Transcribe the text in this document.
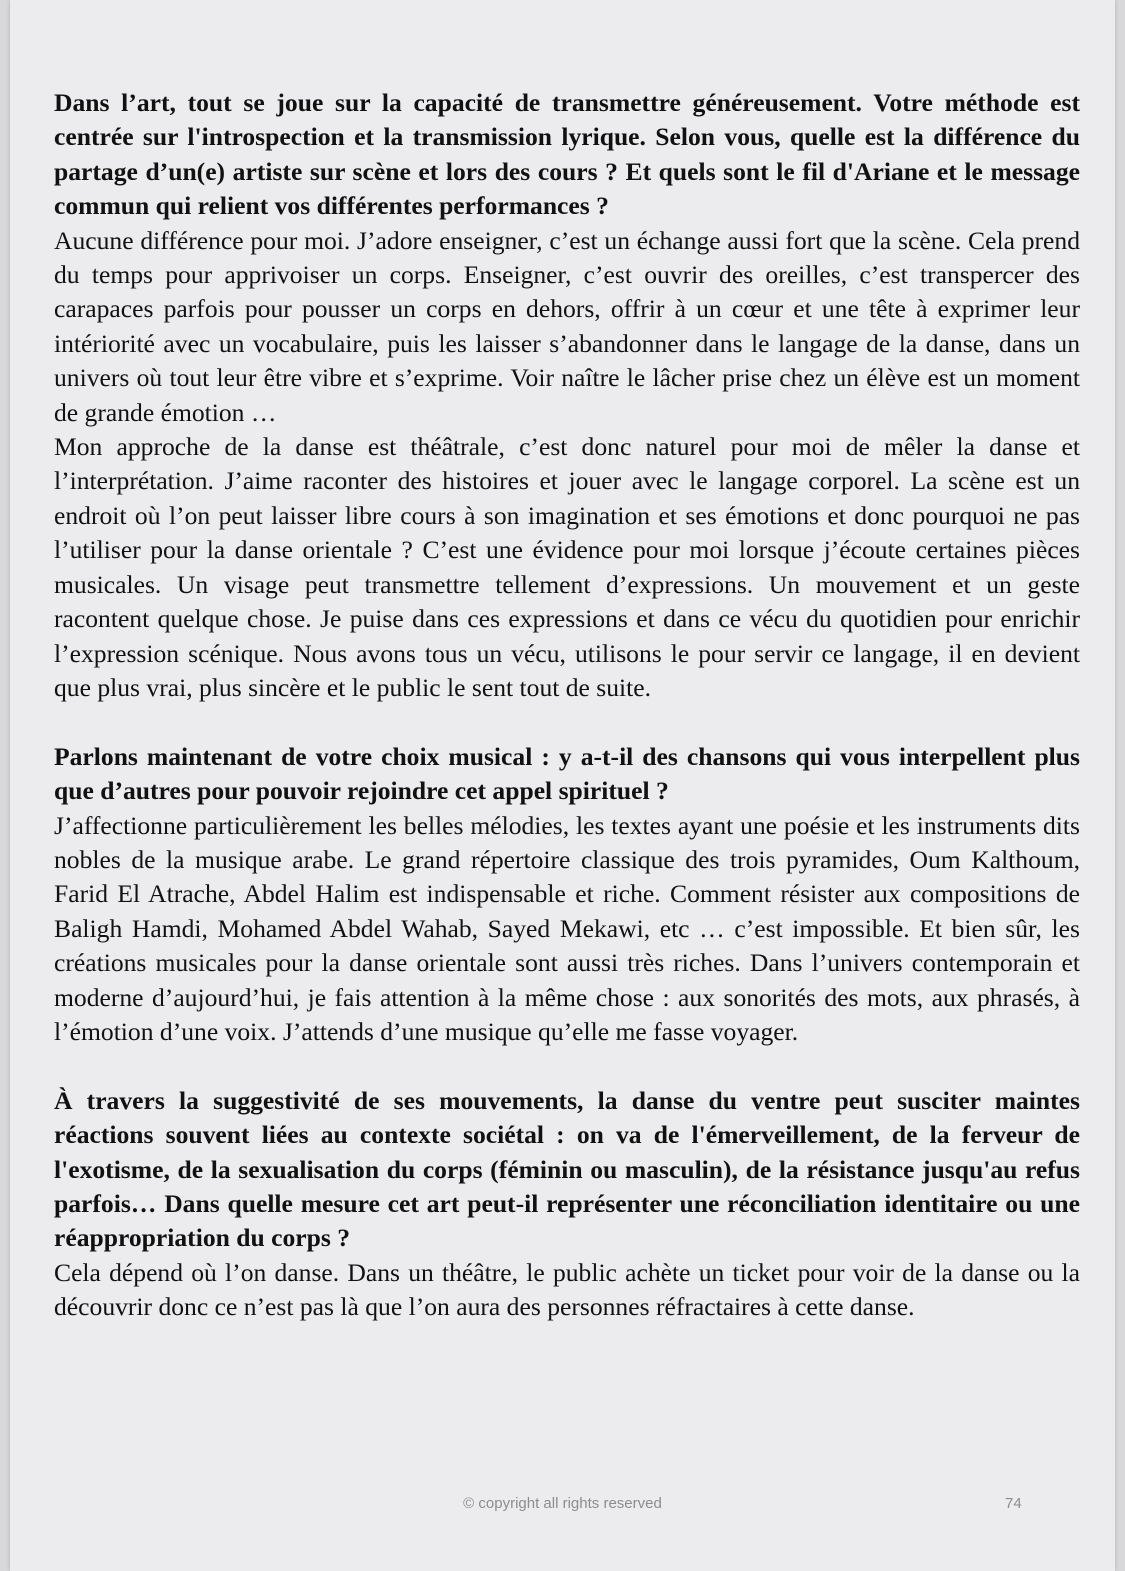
Dans l’art, tout se joue sur la capacité de transmettre généreusement. Votre méthode est centrée sur l'introspection et la transmission lyrique. Selon vous, quelle est la différence du partage d’un(e) artiste sur scène et lors des cours ? Et quels sont le fil d'Ariane et le message commun qui relient vos différentes performances ?

Aucune différence pour moi. J’adore enseigner, c’est un échange aussi fort que la scène. Cela prend du temps pour apprivoiser un corps. Enseigner, c’est ouvrir des oreilles, c’est transpercer des carapaces parfois pour pousser un corps en dehors, offrir à un cœur et une tête à exprimer leur intériorité avec un vocabulaire, puis les laisser s’abandonner dans le langage de la danse, dans un univers où tout leur être vibre et s’exprime. Voir naître le lâcher prise chez un élève est un moment de grande émotion …

Mon approche de la danse est théâtrale, c’est donc naturel pour moi de mêler la danse et l’interprétation. J’aime raconter des histoires et jouer avec le langage corporel. La scène est un endroit où l’on peut laisser libre cours à son imagination et ses émotions et donc pourquoi ne pas l’utiliser pour la danse orientale ? C’est une évidence pour moi lorsque j’écoute certaines pièces musicales. Un visage peut transmettre tellement d’expressions. Un mouvement et un geste racontent quelque chose. Je puise dans ces expressions et dans ce vécu du quotidien pour enrichir l’expression scénique. Nous avons tous un vécu, utilisons le pour servir ce langage, il en devient que plus vrai, plus sincère et le public le sent tout de suite.

Parlons maintenant de votre choix musical : y a-t-il des chansons qui vous interpellent plus que d’autres pour pouvoir rejoindre cet appel spirituel ?

J’affectionne particulièrement les belles mélodies, les textes ayant une poésie et les instruments dits nobles de la musique arabe. Le grand répertoire classique des trois pyramides, Oum Kalthoum, Farid El Atrache, Abdel Halim est indispensable et riche. Comment résister aux compositions de Baligh Hamdi, Mohamed Abdel Wahab, Sayed Mekawi, etc … c’est impossible. Et bien sûr, les créations musicales pour la danse orientale sont aussi très riches. Dans l’univers contemporain et moderne d’aujourd’hui, je fais attention à la même chose : aux sonorités des mots, aux phrasés, à l’émotion d’une voix. J’attends d’une musique qu’elle me fasse voyager.

À travers la suggestivité de ses mouvements, la danse du ventre peut susciter maintes réactions souvent liées au contexte sociétal : on va de l'émerveillement, de la ferveur de l'exotisme, de la sexualisation du corps (féminin ou masculin), de la résistance jusqu'au refus parfois… Dans quelle mesure cet art peut-il représenter une réconciliation identitaire ou une réappropriation du corps ?

Cela dépend où l’on danse. Dans un théâtre, le public achète un ticket pour voir de la danse ou la découvrir donc ce n’est pas là que l’on aura des personnes réfractaires à cette danse.

© copyright all rights reserved	74
